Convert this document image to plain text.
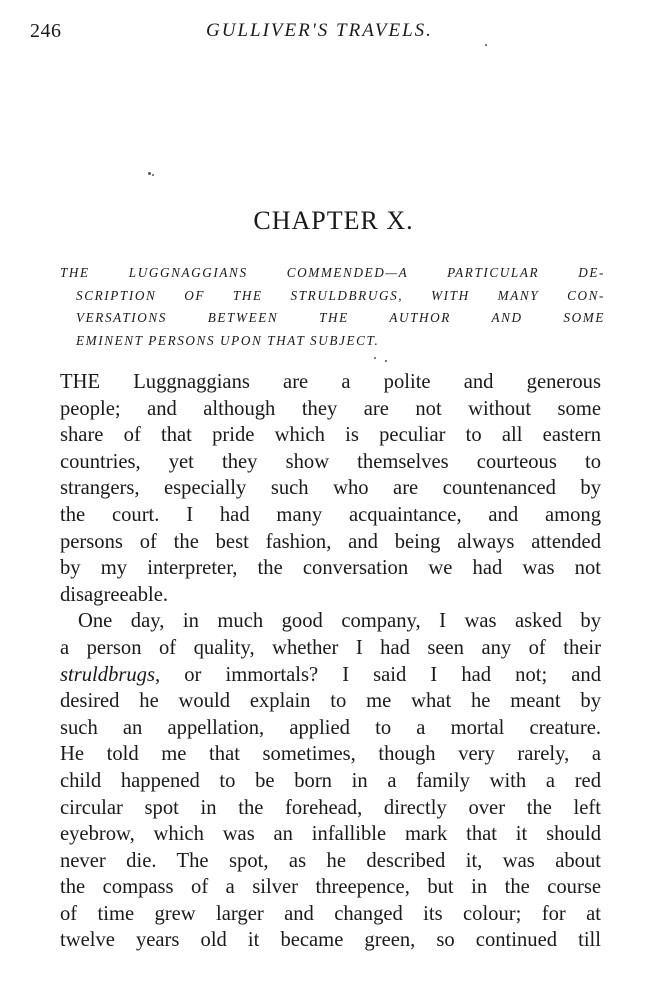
246	GULLIVER'S TRAVELS.
CHAPTER X.
THE LUGGNAGGIANS COMMENDED—A PARTICULAR DE-
SCRIPTION OF THE STRULDBRUGS, WITH MANY CON-
VERSATIONS BETWEEN THE AUTHOR AND SOME
EMINENT PERSONS UPON THAT SUBJECT.
THE Luggnaggians are a polite and generous
people; and although they are not without some
share of that pride which is peculiar to all eastern
countries, yet they show themselves courteous to
strangers, especially such who are countenanced by
the court. I had many acquaintance, and among
persons of the best fashion, and being always attended
by my interpreter, the conversation we had was not
disagreeable.
One day, in much good company, I was asked by
a person of quality, whether I had seen any of their
struldbrugs, or immortals? I said I had not; and
desired he would explain to me what he meant by
such an appellation, applied to a mortal creature.
He told me that sometimes, though very rarely, a
child happened to be born in a family with a red
circular spot in the forehead, directly over the left
eyebrow, which was an infallible mark that it should
never die. The spot, as he described it, was about
the compass of a silver threepence, but in the course
of time grew larger and changed its colour; for at
twelve years old it became green, so continued till
